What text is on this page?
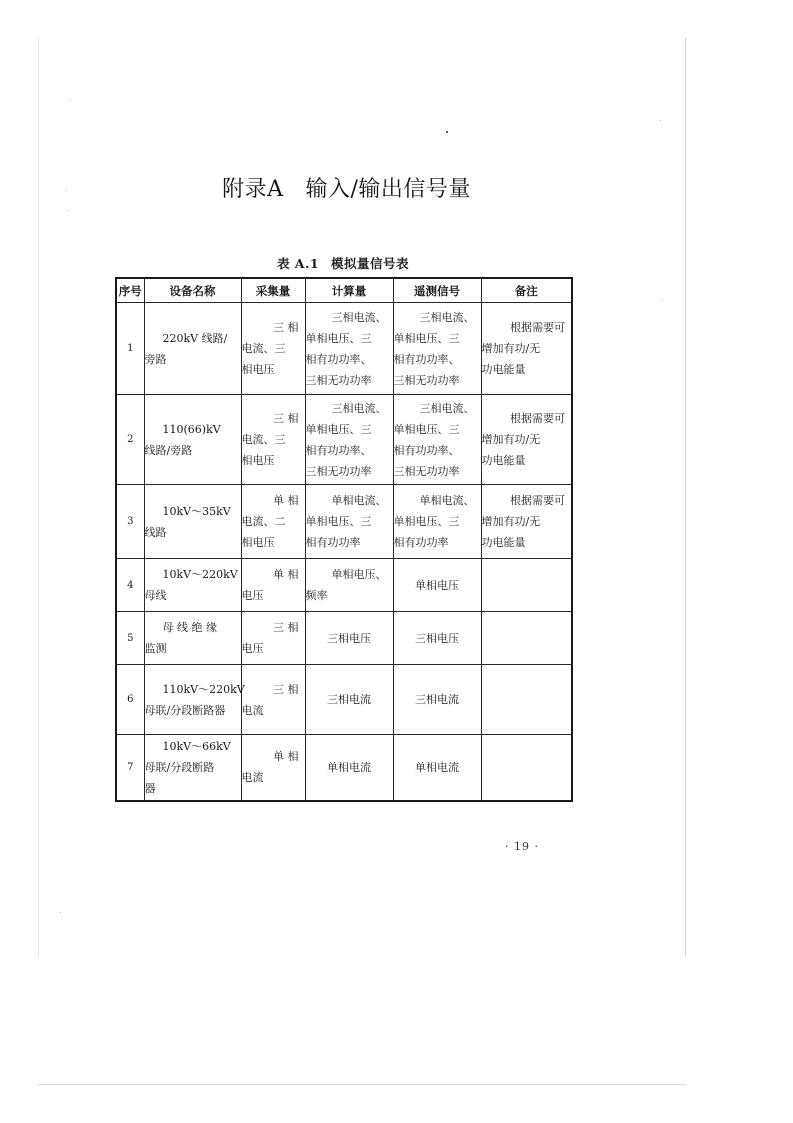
附录A 输入/输出信号量
表 A.1 模拟量信号表
序号	设备名称	采集量	计算量	遥测信号	备注
1	220kV 线路/
旁路	三 相
电流、三
相电压	三相电流、
单相电压、三
相有功功率、
三相无功功率	三相电流、
单相电压、三
相有功功率、
三相无功功率	根据需要可
增加有功/无
功电能量

2	110(66)kV
线路/旁路	三 相
电流、三
相电压	三相电流、
单相电压、三
相有功功率、
三相无功功率	三相电流、
单相电压、三
相有功功率、
三相无功功率	根据需要可
增加有功/无
功电能量

3	10kV～35kV
线路	单 相
电流、二
相电压	单相电流、
单相电压、三
相有功功率	单相电流、
单相电压、三
相有功功率	根据需要可
增加有功/无
功电能量

4	10kV～220kV
母线	单 相
电压	单相电压、
频率	单相电压	

5	母 线 绝 缘
监测	三 相
电压	三相电压	三相电压	

6	110kV～220kV
母联/分段断路器	三 相
电流	三相电流	三相电流	

7	10kV～66kV
母联/分段断路
器	单 相
电流	单相电流	单相电流	

· 19 ·
